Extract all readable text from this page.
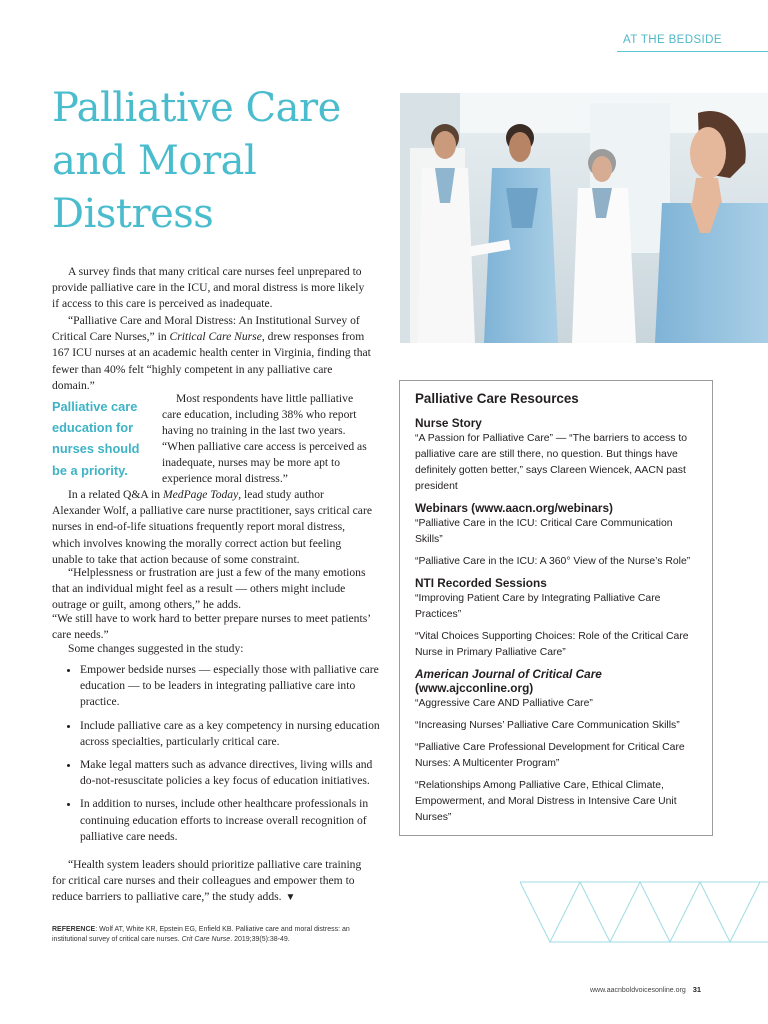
AT THE BEDSIDE
Palliative Care and Moral Distress

A survey finds that many critical care nurses feel unprepared to provide palliative care in the ICU, and moral distress is more likely if access to this care is perceived as inadequate.

“Palliative Care and Moral Distress: An Institutional Survey of Critical Care Nurses,” in Critical Care Nurse, drew responses from 167 ICU nurses at an academic health center in Virginia, finding that fewer than 40% felt “highly competent in any palliative care domain.”

Palliative care education for nurses should be a priority.

Most respondents have little palliative care education, including 38% who report having no training in the last two years.

“When palliative care access is perceived as inadequate, nurses may be more apt to experience moral distress.”

In a related Q&A in MedPage Today, lead study author Alexander Wolf, a palliative care nurse practitioner, says critical care nurses in end-of-life situations frequently report moral distress, which involves knowing the morally correct action but feeling unable to take that action because of some constraint.

“Helplessness or frustration are just a few of the many emotions that an individual might feel as a result — others might include outrage or guilt, among others,” he adds.

“We still have to work hard to better prepare nurses to meet patients’ care needs.”

Some changes suggested in the study:

• Empower bedside nurses — especially those with palliative care education — to be leaders in integrating palliative care into practice.
• Include palliative care as a key competency in nursing education across specialties, particularly critical care.
• Make legal matters such as advance directives, living wills and do-not-resuscitate policies a key focus of education initiatives.
• In addition to nurses, include other healthcare professionals in continuing education efforts to increase overall recognition of palliative care needs.

“Health system leaders should prioritize palliative care training for critical care nurses and their colleagues and empower them to reduce barriers to palliative care,” the study adds. ▼

REFERENCE: Wolf AT, White KR, Epstein EG, Enfield KB. Palliative care and moral distress: an institutional survey of critical care nurses. Crit Care Nurse. 2019;39(5):38-49.

Palliative Care Resources
Nurse Story

“A Passion for Palliative Care” — “The barriers to access to palliative care are still there, no question. But things have definitely gotten better,” says Clareen Wiencek, AACN past president

Webinars (www.aacn.org/webinars)

“Palliative Care in the ICU: Critical Care Communication Skills”

“Palliative Care in the ICU: A 360° View of the Nurse’s Role”

NTI Recorded Sessions

“Improving Patient Care by Integrating Palliative Care Practices”

“Vital Choices Supporting Choices: Role of the Critical Care Nurse in Primary Palliative Care”

American Journal of Critical Care (www.ajcconline.org)

“Aggressive Care AND Palliative Care”

“Increasing Nurses’ Palliative Care Communication Skills”

“Palliative Care Professional Development for Critical Care Nurses: A Multicenter Program”

“Relationships Among Palliative Care, Ethical Climate, Empowerment, and Moral Distress in Intensive Care Unit Nurses”

www.aacnboldvoicesonline.org 31
